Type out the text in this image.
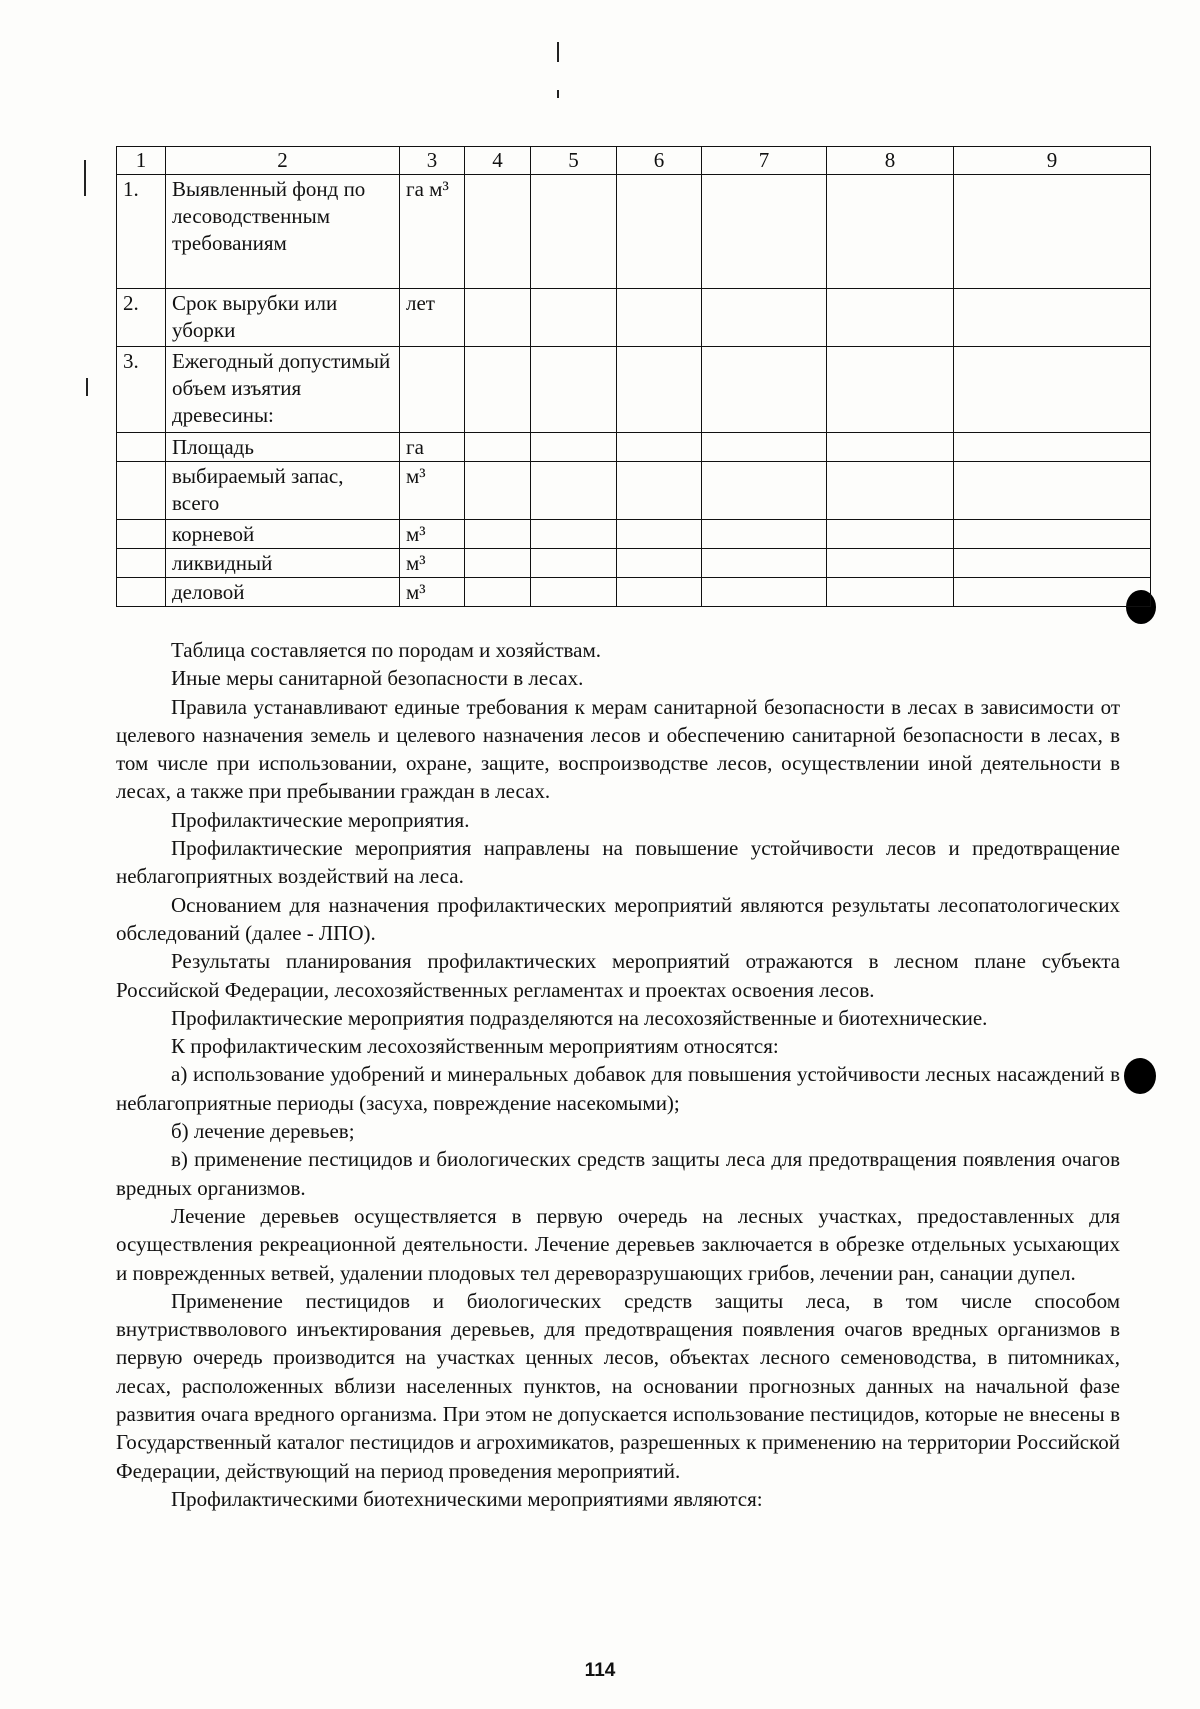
1	2	3	4	5	6	7	8	9
1.	Выявленный фонд по лесоводственным требованиям	га м³						
2.	Срок вырубки или уборки	лет						
3.	Ежегодный допустимый объем изъятия древесины:							
	Площадь	га						
	выбираемый запас, всего	м³						
	корневой	м³						
	ликвидный	м³						
	деловой	м³						

Таблица составляется по породам и хозяйствам.

Иные меры санитарной безопасности в лесах.

Правила устанавливают единые требования к мерам санитарной безопасности в лесах в зависимости от целевого назначения земель и целевого назначения лесов и обеспечению санитарной безопасности в лесах, в том числе при использовании, охране, защите, воспроизводстве лесов, осуществлении иной деятельности в лесах, а также при пребывании граждан в лесах.

Профилактические мероприятия.

Профилактические мероприятия направлены на повышение устойчивости лесов и предотвращение неблагоприятных воздействий на леса.

Основанием для назначения профилактических мероприятий являются результаты лесопатологических обследований (далее - ЛПО).

Результаты планирования профилактических мероприятий отражаются в лесном плане субъекта Российской Федерации, лесохозяйственных регламентах и проектах освоения лесов.

Профилактические мероприятия подразделяются на лесохозяйственные и биотехнические.

К профилактическим лесохозяйственным мероприятиям относятся:

а) использование удобрений и минеральных добавок для повышения устойчивости лесных насаждений в неблагоприятные периоды (засуха, повреждение насекомыми);

б) лечение деревьев;

в) применение пестицидов и биологических средств защиты леса для предотвращения появления очагов вредных организмов.

Лечение деревьев осуществляется в первую очередь на лесных участках, предоставленных для осуществления рекреационной деятельности. Лечение деревьев заключается в обрезке отдельных усыхающих и поврежденных ветвей, удалении плодовых тел дереворазрушающих грибов, лечении ран, санации дупел.

Применение пестицидов и биологических средств защиты леса, в том числе способом внутриствволового инъектирования деревьев, для предотвращения появления очагов вредных организмов в первую очередь производится на участках ценных лесов, объектах лесного семеноводства, в питомниках, лесах, расположенных вблизи населенных пунктов, на основании прогнозных данных на начальной фазе развития очага вредного организма. При этом не допускается использование пестицидов, которые не внесены в Государственный каталог пестицидов и агрохимикатов, разрешенных к применению на территории Российской Федерации, действующий на период проведения мероприятий.

Профилактическими биотехническими мероприятиями являются:

114
